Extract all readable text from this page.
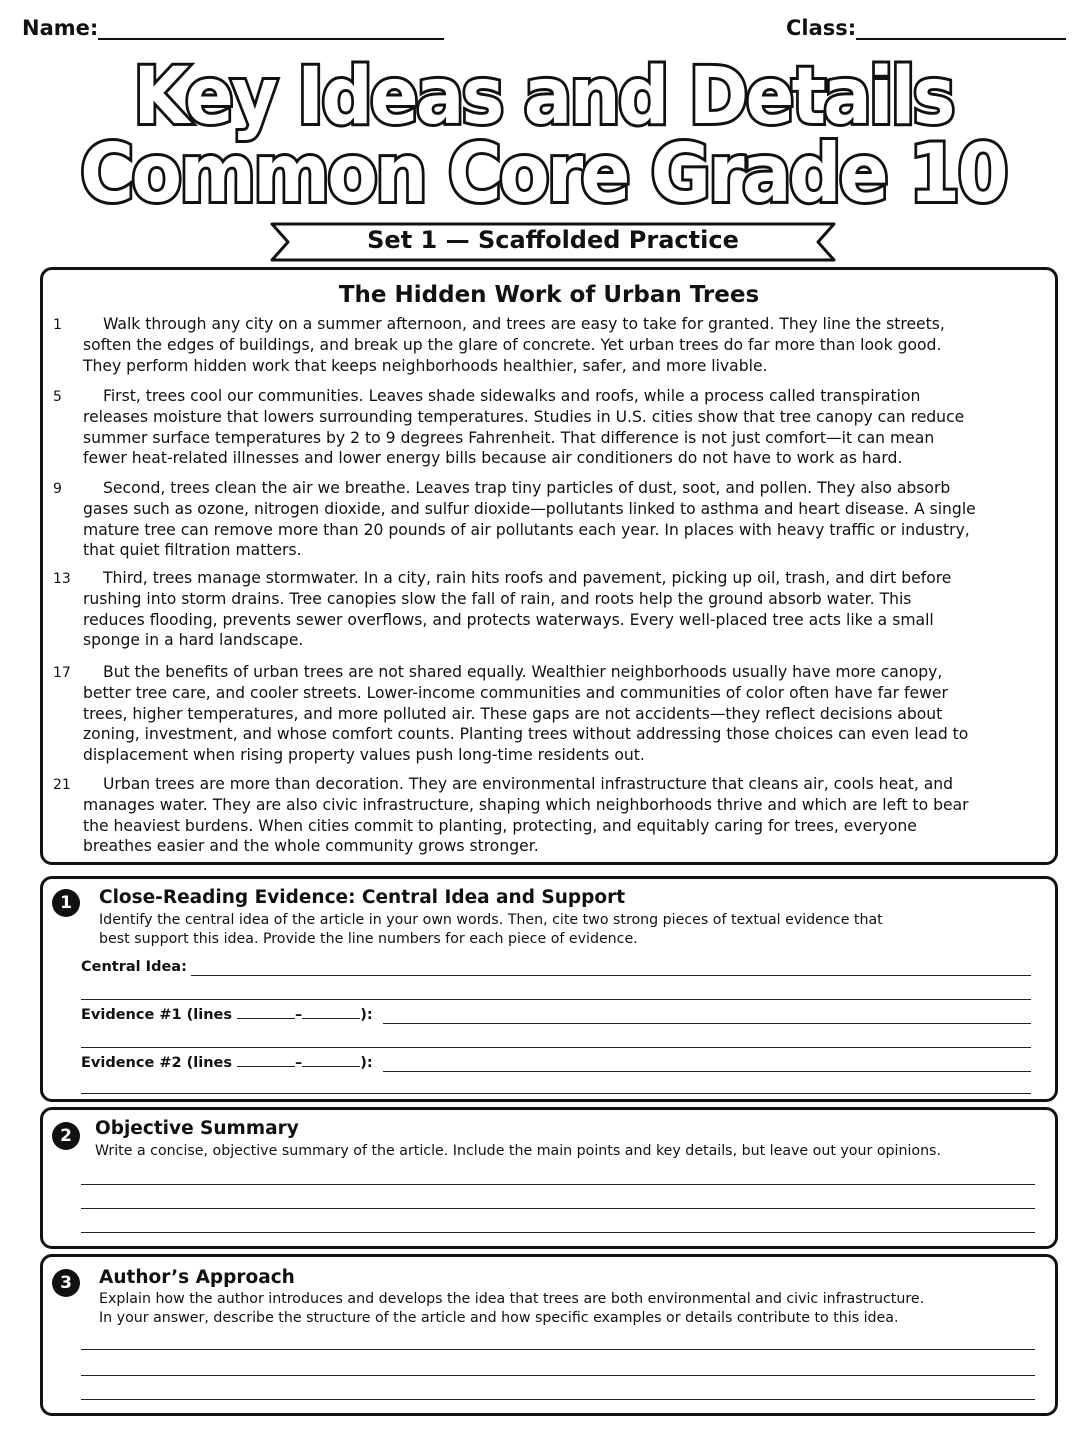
Name:	Class:
Key Ideas and Details
Common Core Grade 10
Set 1 — Scaffolded Practice
The Hidden Work of Urban Trees
1	Walk through any city on a summer afternoon, and trees are easy to take for granted. They line the streets,
soften the edges of buildings, and break up the glare of concrete. Yet urban trees do far more than look good.
They perform hidden work that keeps neighborhoods healthier, safer, and more livable.
5	First, trees cool our communities. Leaves shade sidewalks and roofs, while a process called transpiration
releases moisture that lowers surrounding temperatures. Studies in U.S. cities show that tree canopy can reduce
summer surface temperatures by 2 to 9 degrees Fahrenheit. That difference is not just comfort—it can mean
fewer heat-related illnesses and lower energy bills because air conditioners do not have to work as hard.
9	Second, trees clean the air we breathe. Leaves trap tiny particles of dust, soot, and pollen. They also absorb
gases such as ozone, nitrogen dioxide, and sulfur dioxide—pollutants linked to asthma and heart disease. A single
mature tree can remove more than 20 pounds of air pollutants each year. In places with heavy traffic or industry,
that quiet filtration matters.
13	Third, trees manage stormwater. In a city, rain hits roofs and pavement, picking up oil, trash, and dirt before
rushing into storm drains. Tree canopies slow the fall of rain, and roots help the ground absorb water. This
reduces flooding, prevents sewer overflows, and protects waterways. Every well-placed tree acts like a small
sponge in a hard landscape.
17	But the benefits of urban trees are not shared equally. Wealthier neighborhoods usually have more canopy,
better tree care, and cooler streets. Lower-income communities and communities of color often have far fewer
trees, higher temperatures, and more polluted air. These gaps are not accidents—they reflect decisions about
zoning, investment, and whose comfort counts. Planting trees without addressing those choices can even lead to
displacement when rising property values push long-time residents out.
21	Urban trees are more than decoration. They are environmental infrastructure that cleans air, cools heat, and
manages water. They are also civic infrastructure, shaping which neighborhoods thrive and which are left to bear
the heaviest burdens. When cities commit to planting, protecting, and equitably caring for trees, everyone
breathes easier and the whole community grows stronger.
1	Close-Reading Evidence: Central Idea and Support
Identify the central idea of the article in your own words. Then, cite two strong pieces of textual evidence that
best support this idea. Provide the line numbers for each piece of evidence.
Central Idea:
Evidence #1 (lines	–	):
Evidence #2 (lines	–	):
2	Objective Summary
Write a concise, objective summary of the article. Include the main points and key details, but leave out your opinions.
3	Author’s Approach
Explain how the author introduces and develops the idea that trees are both environmental and civic infrastructure.
In your answer, describe the structure of the article and how specific examples or details contribute to this idea.
